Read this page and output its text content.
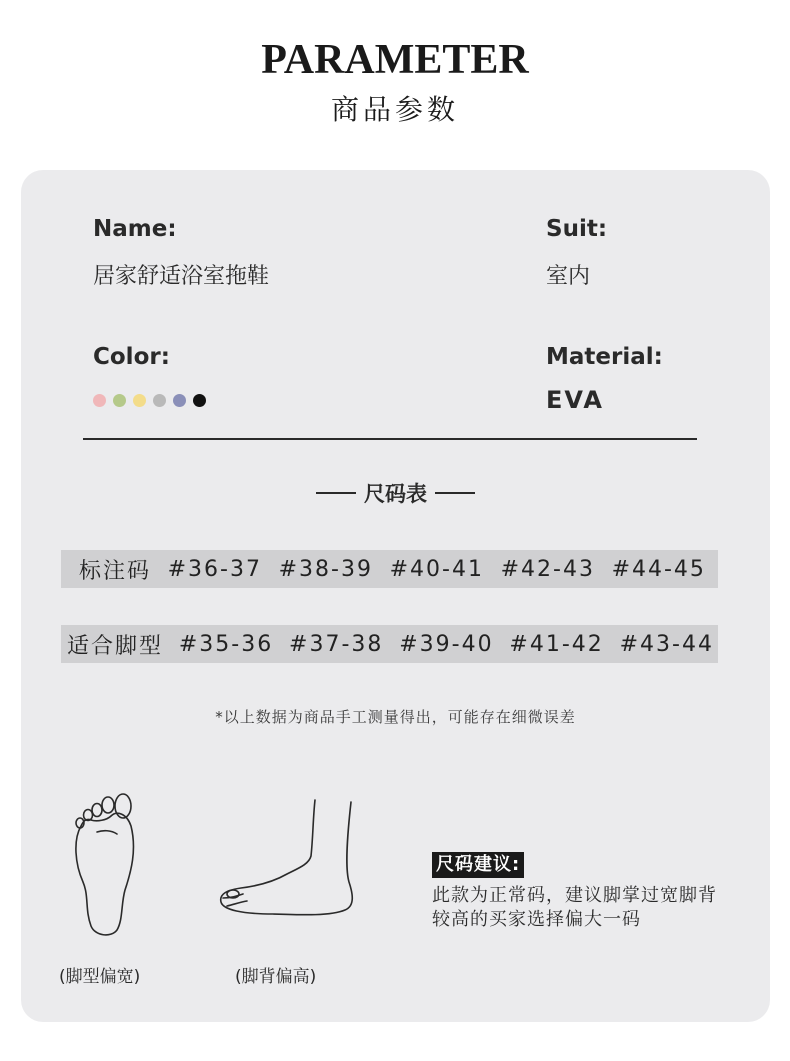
PARAMETER
商品参数
Name:
居家舒适浴室拖鞋
Suit:
室内
Color:	Material:
EVA
尺码表
标注码 #36-37 #38-39 #40-41 #42-43 #44-45
适合脚型 #35-36 #37-38 #39-40 #41-42 #43-44
*以上数据为商品手工测量得出，可能存在细微误差
(脚型偏宽)	(脚背偏高)
尺码建议:
此款为正常码，建议脚掌过宽脚背
较高的买家选择偏大一码
